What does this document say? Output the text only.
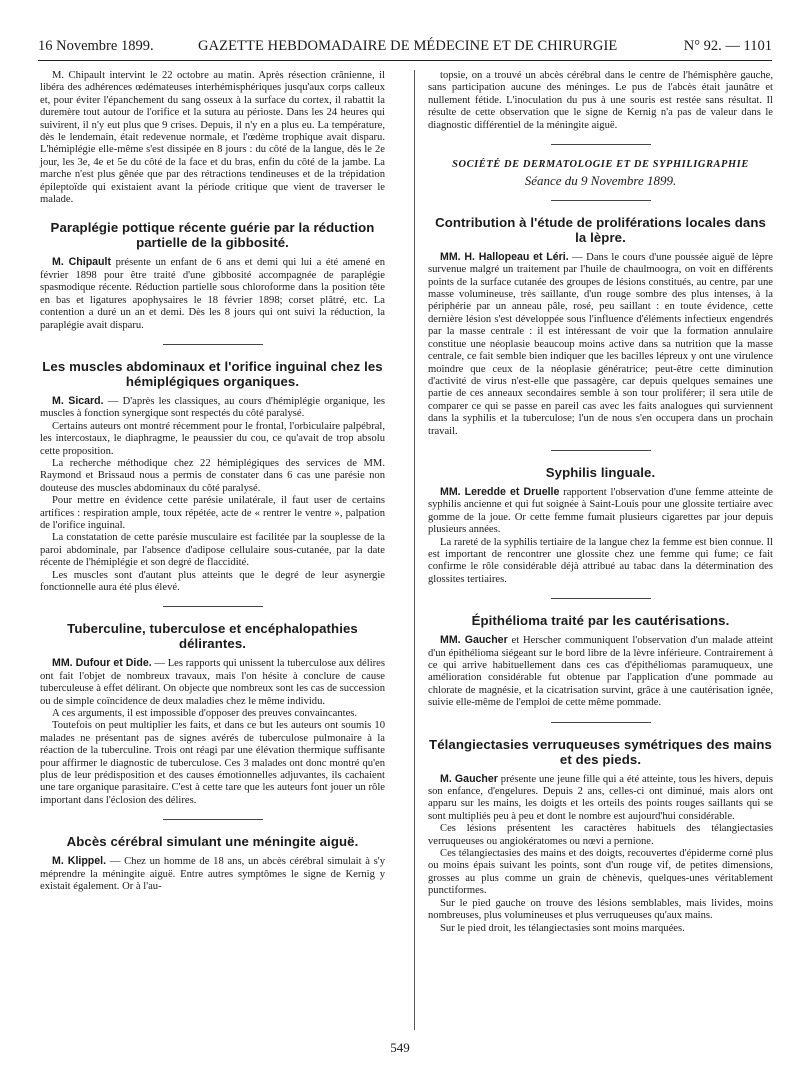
16 Novembre 1899.	GAZETTE HEBDOMADAIRE DE MÉDECINE ET DE CHIRURGIE	N° 92. — 1101

M. Chipault intervint le 22 octobre au matin. Après résection crânienne, il libéra des adhérences œdémateuses interhémisphériques jusqu'aux corps calleux et, pour éviter l'épanchement du sang osseux à la surface du cortex, il rabattit la duremère tout autour de l'orifice et la sutura au périoste. Dans les 24 heures qui suivirent, il n'y eut plus que 9 crises. Depuis, il n'y en a plus eu. La température, dès le lendemain, était redevenue normale, et l'œdème trophique avait disparu. L'hémiplégie elle-même s'est dissipée en 8 jours : du côté de la langue, dès le 2e jour, les 3e, 4e et 5e du côté de la face et du bras, enfin du côté de la jambe. La marche n'est plus gênée que par des rétractions tendineuses et de la trépidation épileptoïde qui existaient avant la période critique que vient de traverser le malade.

Paraplégie pottique récente guérie par la réduction partielle de la gibbosité.

M. Chipault présente un enfant de 6 ans et demi qui lui a été amené en février 1898 pour être traité d'une gibbosité accompagnée de paraplégie spasmodique récente. Réduction partielle sous chloroforme dans la position tête en bas et ligatures apophysaires le 18 février 1898; corset plâtré, etc. La contention a duré un an et demi. Dès les 8 jours qui ont suivi la réduction, la paraplégie avait disparu.

Les muscles abdominaux et l'orifice inguinal chez les hémiplégiques organiques.

M. Sicard. — D'après les classiques, au cours d'hémiplégie organique, les muscles à fonction synergique sont respectés du côté paralysé.

Certains auteurs ont montré récemment pour le frontal, l'orbiculaire palpébral, les intercostaux, le diaphragme, le peaussier du cou, ce qu'avait de trop absolu cette proposition.

La recherche méthodique chez 22 hémiplégiques des services de MM. Raymond et Brissaud nous a permis de constater dans 6 cas une parésie non douteuse des muscles abdominaux du côté paralysé.

Pour mettre en évidence cette parésie unilatérale, il faut user de certains artifices : respiration ample, toux répétée, acte de « rentrer le ventre », palpation de l'orifice inguinal.

La constatation de cette parésie musculaire est facilitée par la souplesse de la paroi abdominale, par l'absence d'adipose cellulaire sous-cutanée, par la date récente de l'hémiplégie et son degré de flaccidité.

Les muscles sont d'autant plus atteints que le degré de leur asynergie fonctionnelle aura été plus élevé.

Tuberculine, tuberculose et encéphalopathies délirantes.

MM. Dufour et Dide. — Les rapports qui unissent la tuberculose aux délires ont fait l'objet de nombreux travaux, mais l'on hésite à conclure de cause tuberculeuse à effet délirant. On objecte que nombreux sont les cas de succession ou de simple coïncidence de deux maladies chez le même individu.

A ces arguments, il est impossible d'opposer des preuves convaincantes.

Toutefois on peut multiplier les faits, et dans ce but les auteurs ont soumis 10 malades ne présentant pas de signes avérés de tuberculose pulmonaire à la réaction de la tuberculine. Trois ont réagi par une élévation thermique suffisante pour affirmer le diagnostic de tuberculose. Ces 3 malades ont donc montré qu'en plus de leur prédisposition et des causes émotionnelles adjuvantes, ils cachaient une tare organique parasitaire. C'est à cette tare que les auteurs font jouer un rôle important dans l'éclosion des délires.

Abcès cérébral simulant une méningite aiguë.

M. Klippel. — Chez un homme de 18 ans, un abcès cérébral simulait à s'y méprendre la méningite aiguë. Entre autres symptômes le signe de Kernig y existait également. Or à l'au-

topsie, on a trouvé un abcès cérébral dans le centre de l'hémisphère gauche, sans participation aucune des méninges. Le pus de l'abcès était jaunâtre et nullement fétide. L'inoculation du pus à une souris est restée sans résultat. Il résulte de cette observation que le signe de Kernig n'a pas de valeur dans le diagnostic différentiel de la méningite aiguë.

SOCIÉTÉ DE DERMATOLOGIE ET DE SYPHILIGRAPHIE
Séance du 9 Novembre 1899.
Contribution à l'étude de proliférations locales dans la lèpre.

MM. H. Hallopeau et Léri. — Dans le cours d'une poussée aiguë de lèpre survenue malgré un traitement par l'huile de chaulmoogra, on voit en différents points de la surface cutanée des groupes de lésions constitués, au centre, par une masse volumineuse, très saillante, d'un rouge sombre des plus intenses, à la périphérie par un anneau pâle, rosé, peu saillant : en toute évidence, cette dernière lésion s'est développée sous l'influence d'éléments infectieux engendrés par la masse centrale : il est intéressant de voir que la formation annulaire constitue une néoplasie beaucoup moins active dans sa nutrition que la masse centrale, ce fait semble bien indiquer que les bacilles lépreux y ont une virulence moindre que ceux de la néoplasie génératrice; peut-être cette diminution d'activité de virus n'est-elle que passagère, car depuis quelques semaines une partie de ces anneaux secondaires semble à son tour proliférer; il sera utile de comparer ce qui se passe en pareil cas avec les faits analogues qui surviennent dans la syphilis et la tuberculose; l'un de nous s'en occupera dans un prochain travail.

Syphilis linguale.

MM. Leredde et Druelle rapportent l'observation d'une femme atteinte de syphilis ancienne et qui fut soignée à Saint-Louis pour une glossite tertiaire avec gomme de la joue. Or cette femme fumait plusieurs cigarettes par jour depuis plusieurs années.

La rareté de la syphilis tertiaire de la langue chez la femme est bien connue. Il est important de rencontrer une glossite chez une femme qui fume; ce fait confirme le rôle considérable déjà attribué au tabac dans la détermination des glossites tertiaires.

Épithélioma traité par les cautérisations.

MM. Gaucher et Herscher communiquent l'observation d'un malade atteint d'un épithélioma siégeant sur le bord libre de la lèvre inférieure. Contrairement à ce qui arrive habituellement dans ces cas d'épithéliomas paramuqueux, une amélioration considérable fut obtenue par l'application d'une pommade au chlorate de magnésie, et la cicatrisation survint, grâce à une cautérisation ignée, suivie elle-même de l'emploi de cette même pommade.

Télangiectasies verruqueuses symétriques des mains et des pieds.

M. Gaucher présente une jeune fille qui a été atteinte, tous les hivers, depuis son enfance, d'engelures. Depuis 2 ans, celles-ci ont diminué, mais alors ont apparu sur les mains, les doigts et les orteils des points rouges saillants qui se sont multipliés peu à peu et dont le nombre est aujourd'hui considérable.

Ces lésions présentent les caractères habituels des télangiectasies verruqueuses ou angiokératomes ou nœvi a pernione.

Ces télangiectasies des mains et des doigts, recouvertes d'épiderme corné plus ou moins épais suivant les points, sont d'un rouge vif, de petites dimensions, grosses au plus comme un grain de chènevis, quelques-unes véritablement punctiformes.

Sur le pied gauche on trouve des lésions semblables, mais livides, moins nombreuses, plus volumineuses et plus verruqueuses qu'aux mains.

Sur le pied droit, les télangiectasies sont moins marquées.

549
